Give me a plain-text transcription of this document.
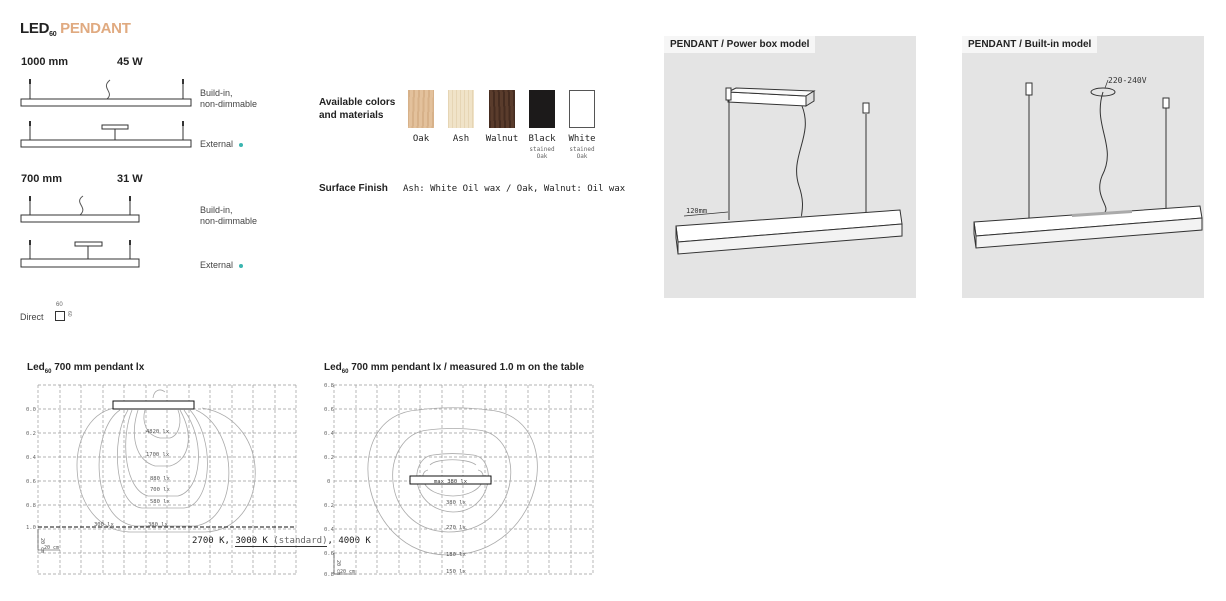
$LED_{60}$ PENDANT
1000 mm	45 W
Build-in,
non-dimmable
External
700 mm	31 W
Build-in,
non-dimmable
External
Direct
60
60
Available colors
and materials
Oak	Ash	Walnut	Black	White
stained
Oak
stained
Oak
Surface Finish Ash: White Oil wax / Oak, Walnut: Oil wax
PENDANT / Power box model
120mm
PENDANT / Built-in model
220-240V
Led$_{60}$ 700 mm pendant lx
0.0
0.2
0.4
0.6
0.8
1.0
4820 lx
1700 lx
880 lx
700 lx
580 lx
380 lx
300 lx
20 cm
20 cm	2700 K, 3000 K (standard), 4000 K
Led$_{60}$ 700 mm pendant lx / measured 1.0 m on the table
0.8
0.6
0.4
0.2
0
0.2
0.4
0.6
0.8
max 380 lx
380 lx
270 lx
180 lx
150 lx
20 cm
20 cm
